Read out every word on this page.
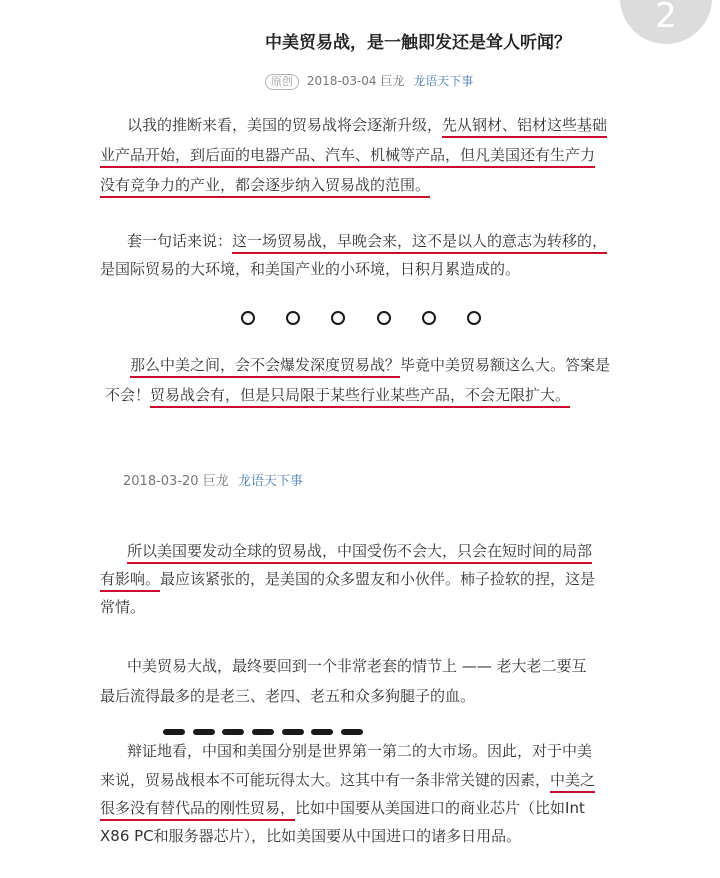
2
中美贸易战，是一触即发还是耸人听闻？
原创 2018-03-04 巨龙 龙语天下事
以我的推断来看，美国的贸易战将会逐渐升级，先从钢材、铝材这些基础
业产品开始，到后面的电器产品、汽车、机械等产品，但凡美国还有生产力
没有竞争力的产业，都会逐步纳入贸易战的范围。
套一句话来说：这一场贸易战，早晚会来，这不是以人的意志为转移的，
是国际贸易的大环境，和美国产业的小环境，日积月累造成的。
那么中美之间，会不会爆发深度贸易战？毕竟中美贸易额这么大。答案是
不会！贸易战会有，但是只局限于某些行业某些产品，不会无限扩大。
2018-03-20 巨龙 龙语天下事
所以美国要发动全球的贸易战，中国受伤不会大，只会在短时间的局部
有影响。最应该紧张的，是美国的众多盟友和小伙伴。柿子捡软的捏，这是
常情。
中美贸易大战，最终要回到一个非常老套的情节上 —— 老大老二要互
最后流得最多的是老三、老四、老五和众多狗腿子的血。
辩证地看，中国和美国分别是世界第一第二的大市场。因此，对于中美
来说，贸易战根本不可能玩得太大。这其中有一条非常关键的因素，中美之
很多没有替代品的刚性贸易，比如中国要从美国进口的商业芯片（比如Int
X86 PC和服务器芯片），比如美国要从中国进口的诸多日用品。
